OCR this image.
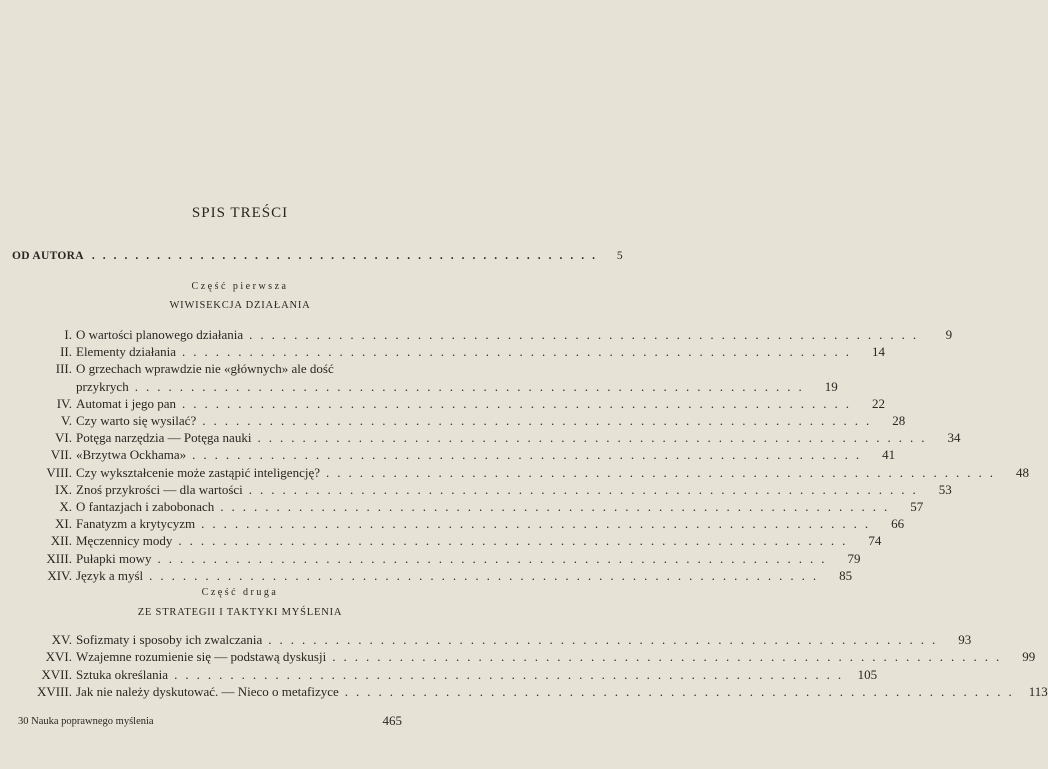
SPIS TREŚCI
OD AUTORA ...............................................	5
Część pierwsza
WIWISEKCJA DZIAŁANIA
I. O wartości planowego działania ............................................................	9
II. Elementy działania ............................................................	14
III. O grzechach wprawdzie nie «głównych» ale dość
przykrych ............................................................	19
IV. Automat i jego pan ............................................................	22
V. Czy warto się wysilać? ............................................................	28
VI. Potęga narzędzia — Potęga nauki ............................................................	34
VII. «Brzytwa Ockhama» ............................................................	41
VIII. Czy wykształcenie może zastąpić inteligencję? ............................................................	48
IX. Znoś przykrości — dla wartości ............................................................	53
X. O fantazjach i zabobonach ............................................................	57
XI. Fanatyzm a krytycyzm ............................................................	66
XII. Męczennicy mody ............................................................	74
XIII. Pułapki mowy ............................................................	79
XIV. Język a myśl ............................................................	85
Część druga
ZE STRATEGII I TAKTYKI MYŚLENIA
XV. Sofizmaty i sposoby ich zwalczania ............................................................	93
XVI. Wzajemne rozumienie się — podstawą dyskusji ............................................................	99
XVII. Sztuka określania ............................................................ 105
XVIII. Jak nie należy dyskutować. — Nieco o metafizyce ............................................................ 113
30 Nauka poprawnego myślenia	465
